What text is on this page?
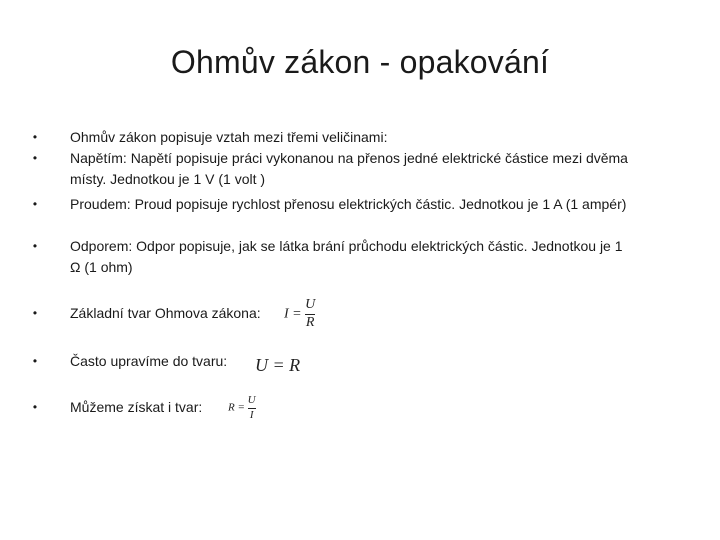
Ohmův zákon - opakování
•	Ohmův zákon popisuje vztah mezi třemi veličinami:
•	Napětím: Napětí popisuje práci vykonanou na přenos jedné elektrické částice mezi dvěma místy. Jednotkou je 1 V (1 volt )
•	Proudem: Proud popisuje rychlost přenosu elektrických částic. Jednotkou je 1 A (1 ampér)
•	Odporem: Odpor popisuje, jak se látka brání průchodu elektrických částic. Jednotkou je 1 Ω (1 ohm)
•	Základní tvar Ohmova zákona:
•	Často upravíme do tvaru:
•	Můžeme získat i tvar:
$I = \frac{U}{R}$
U = R
$R = \frac{U}{I}$
